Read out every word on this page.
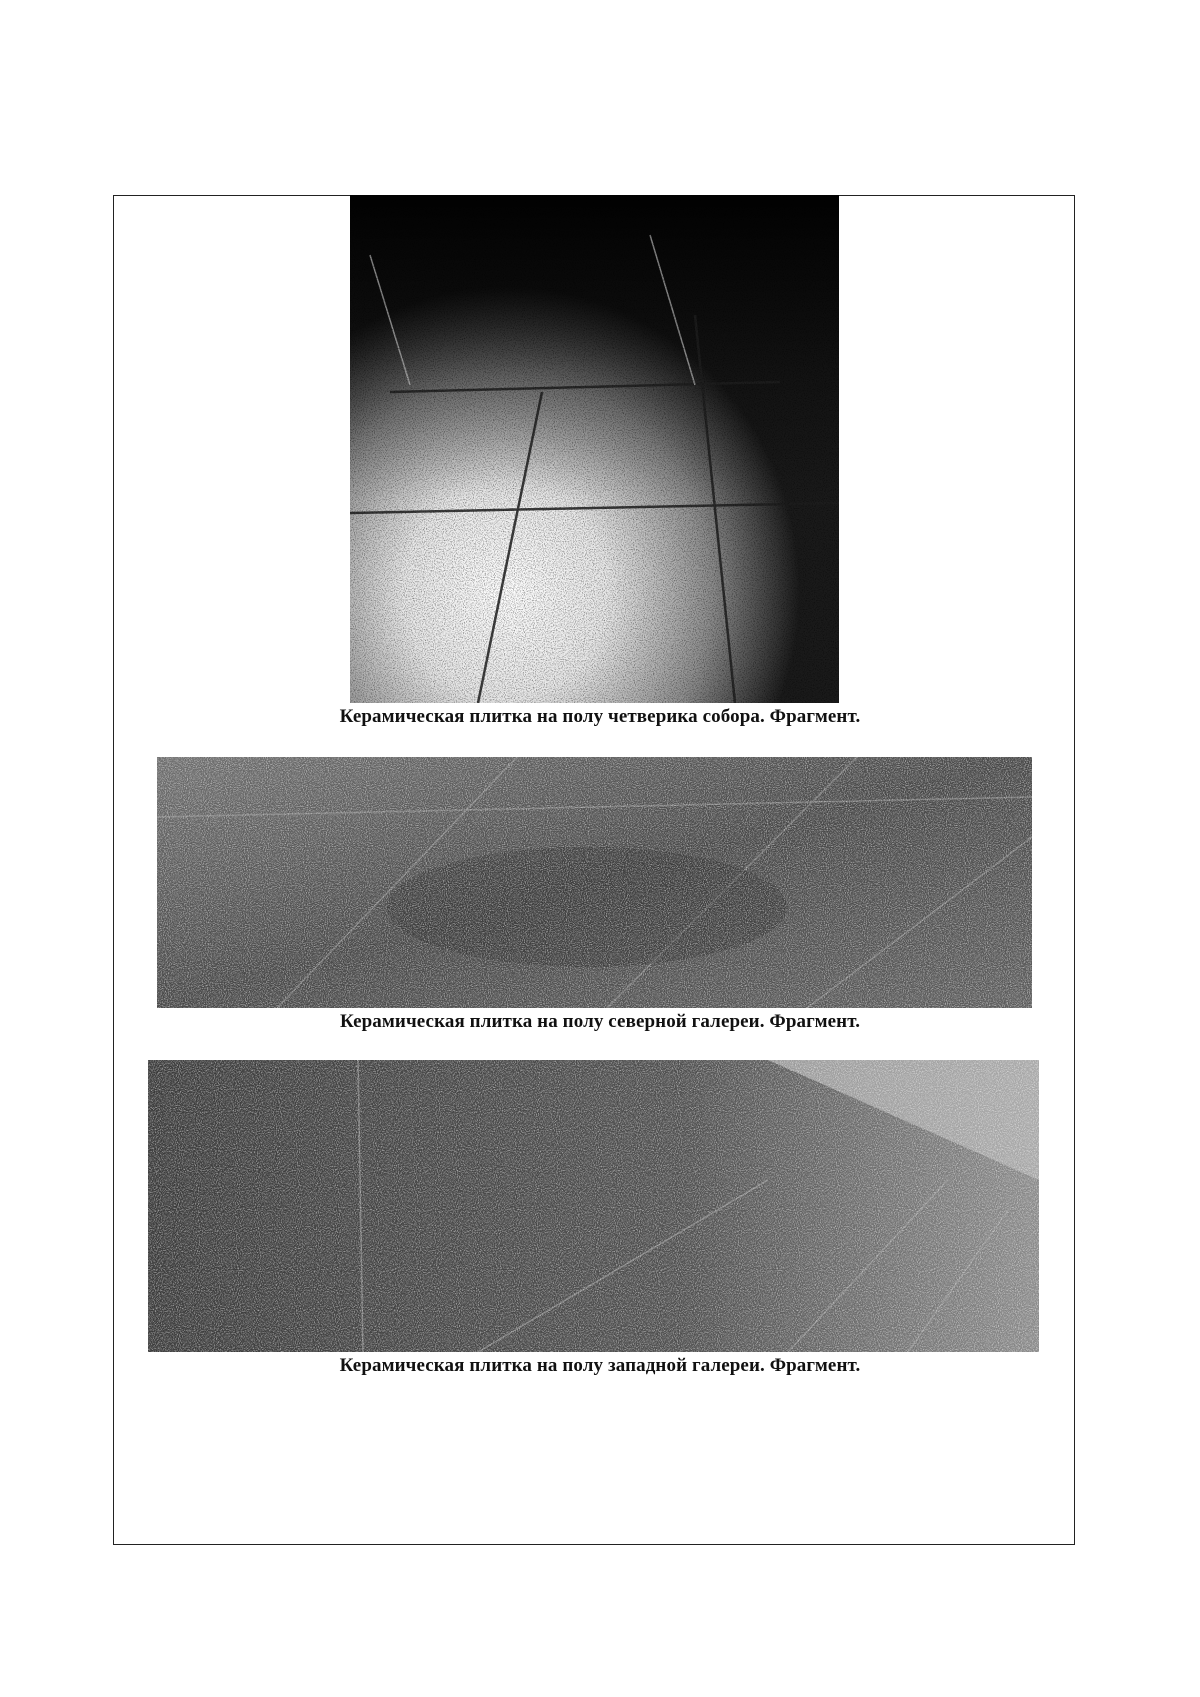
Керамическая плитка на полу четверика собора. Фрагмент.
Керамическая плитка на полу северной галереи. Фрагмент.
Керамическая плитка на полу западной галереи. Фрагмент.
